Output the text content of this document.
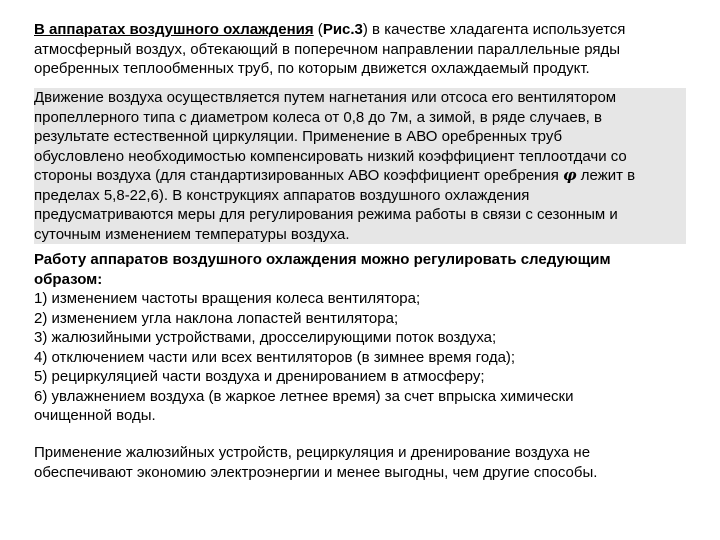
В аппаратах воздушного охлаждения (Рис.3) в качестве хладагента используется
атмосферный воздух, обтекающий в поперечном направлении параллельные ряды
оребренных теплообменных труб, по которым движется охлаждаемый продукт.
Движение воздуха осуществляется путем нагнетания или отсоса его вентилятором
пропеллерного типа с диаметром колеса от 0,8 до 7м, а зимой, в ряде случаев, в
результате естественной циркуляции. Применение в АВО оребренных труб
обусловлено необходимостью компенсировать низкий коэффициент теплоотдачи со
стороны воздуха (для стандартизированных АВО коэффициент оребрения φ лежит в
пределах 5,8-22,6). В конструкциях аппаратов воздушного охлаждения
предусматриваются меры для регулирования режима работы в связи с сезонным и
суточным изменением температуры воздуха.
Работу аппаратов воздушного охлаждения можно регулировать следующим
образом:
1) изменением частоты вращения колеса вентилятора;
2) изменением угла наклона лопастей вентилятора;
3) жалюзийными устройствами, дросселирующими поток воздуха;
4) отключением части или всех вентиляторов (в зимнее время года);
5) рециркуляцией части воздуха и дренированием в атмосферу;
6) увлажнением воздуха (в жаркое летнее время) за счет впрыска химически
очищенной воды.
Применение жалюзийных устройств, рециркуляция и дренирование воздуха не
обеспечивают экономию электроэнергии и менее выгодны, чем другие способы.
